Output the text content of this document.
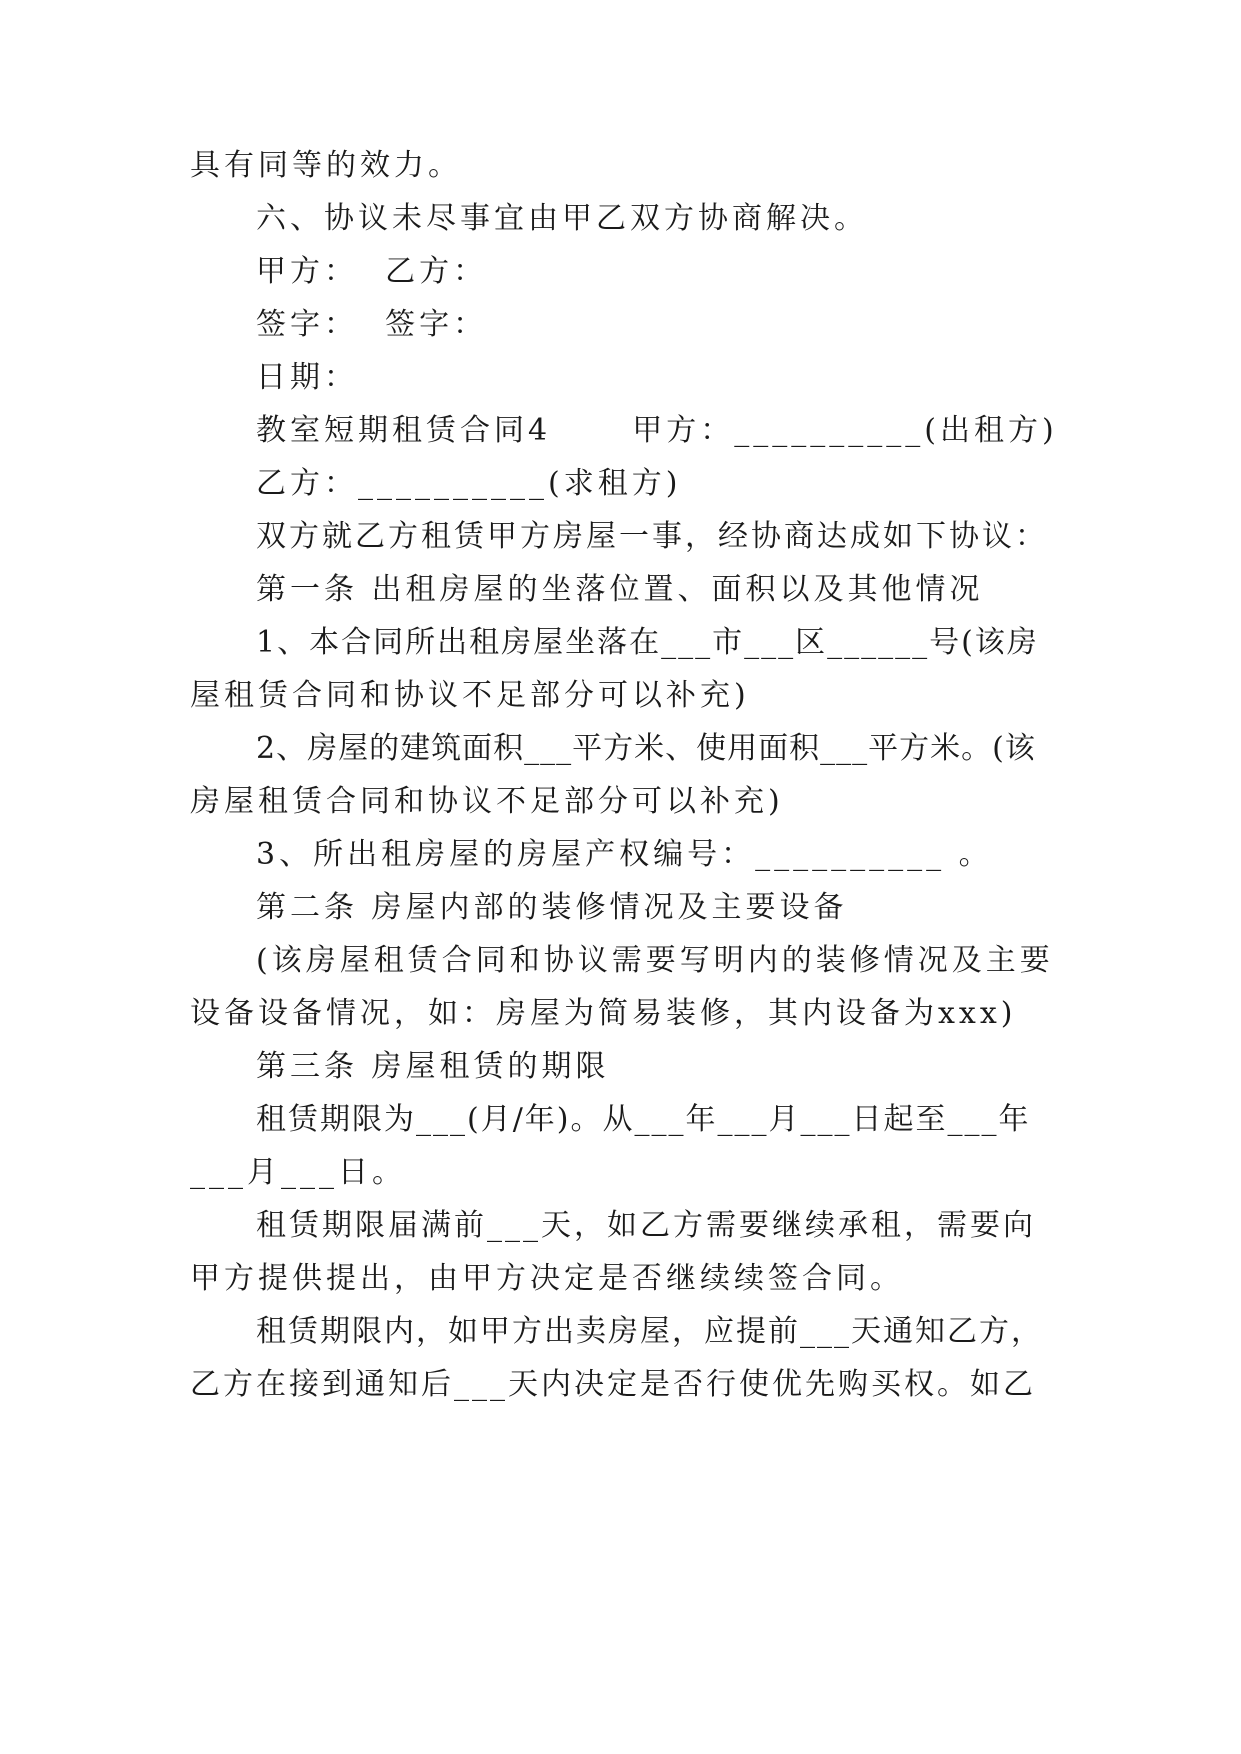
具有同等的效力。
六、协议未尽事宜由甲乙双方协商解决。
甲方：  乙方：
签字：  签字：
日期：
教室短期租赁合同4      甲方：__________(出租方)
乙方：__________(求租方)
双方就乙方租赁甲方房屋一事，经协商达成如下协议：
第一条 出租房屋的坐落位置、面积以及其他情况
1、本合同所出租房屋坐落在___市___区______号(该房
屋租赁合同和协议不足部分可以补充)
2、房屋的建筑面积___平方米、使用面积___平方米。(该
房屋租赁合同和协议不足部分可以补充)
3、所出租房屋的房屋产权编号：__________ 。
第二条 房屋内部的装修情况及主要设备
(该房屋租赁合同和协议需要写明内的装修情况及主要
设备设备情况，如：房屋为简易装修，其内设备为xxx)
第三条 房屋租赁的期限
租赁期限为___(月/年)。从___年___月___日起至___年
___月___日。
租赁期限届满前___天，如乙方需要继续承租，需要向
甲方提供提出，由甲方决定是否继续续签合同。
租赁期限内，如甲方出卖房屋，应提前___天通知乙方，
乙方在接到通知后___天内决定是否行使优先购买权。如乙
